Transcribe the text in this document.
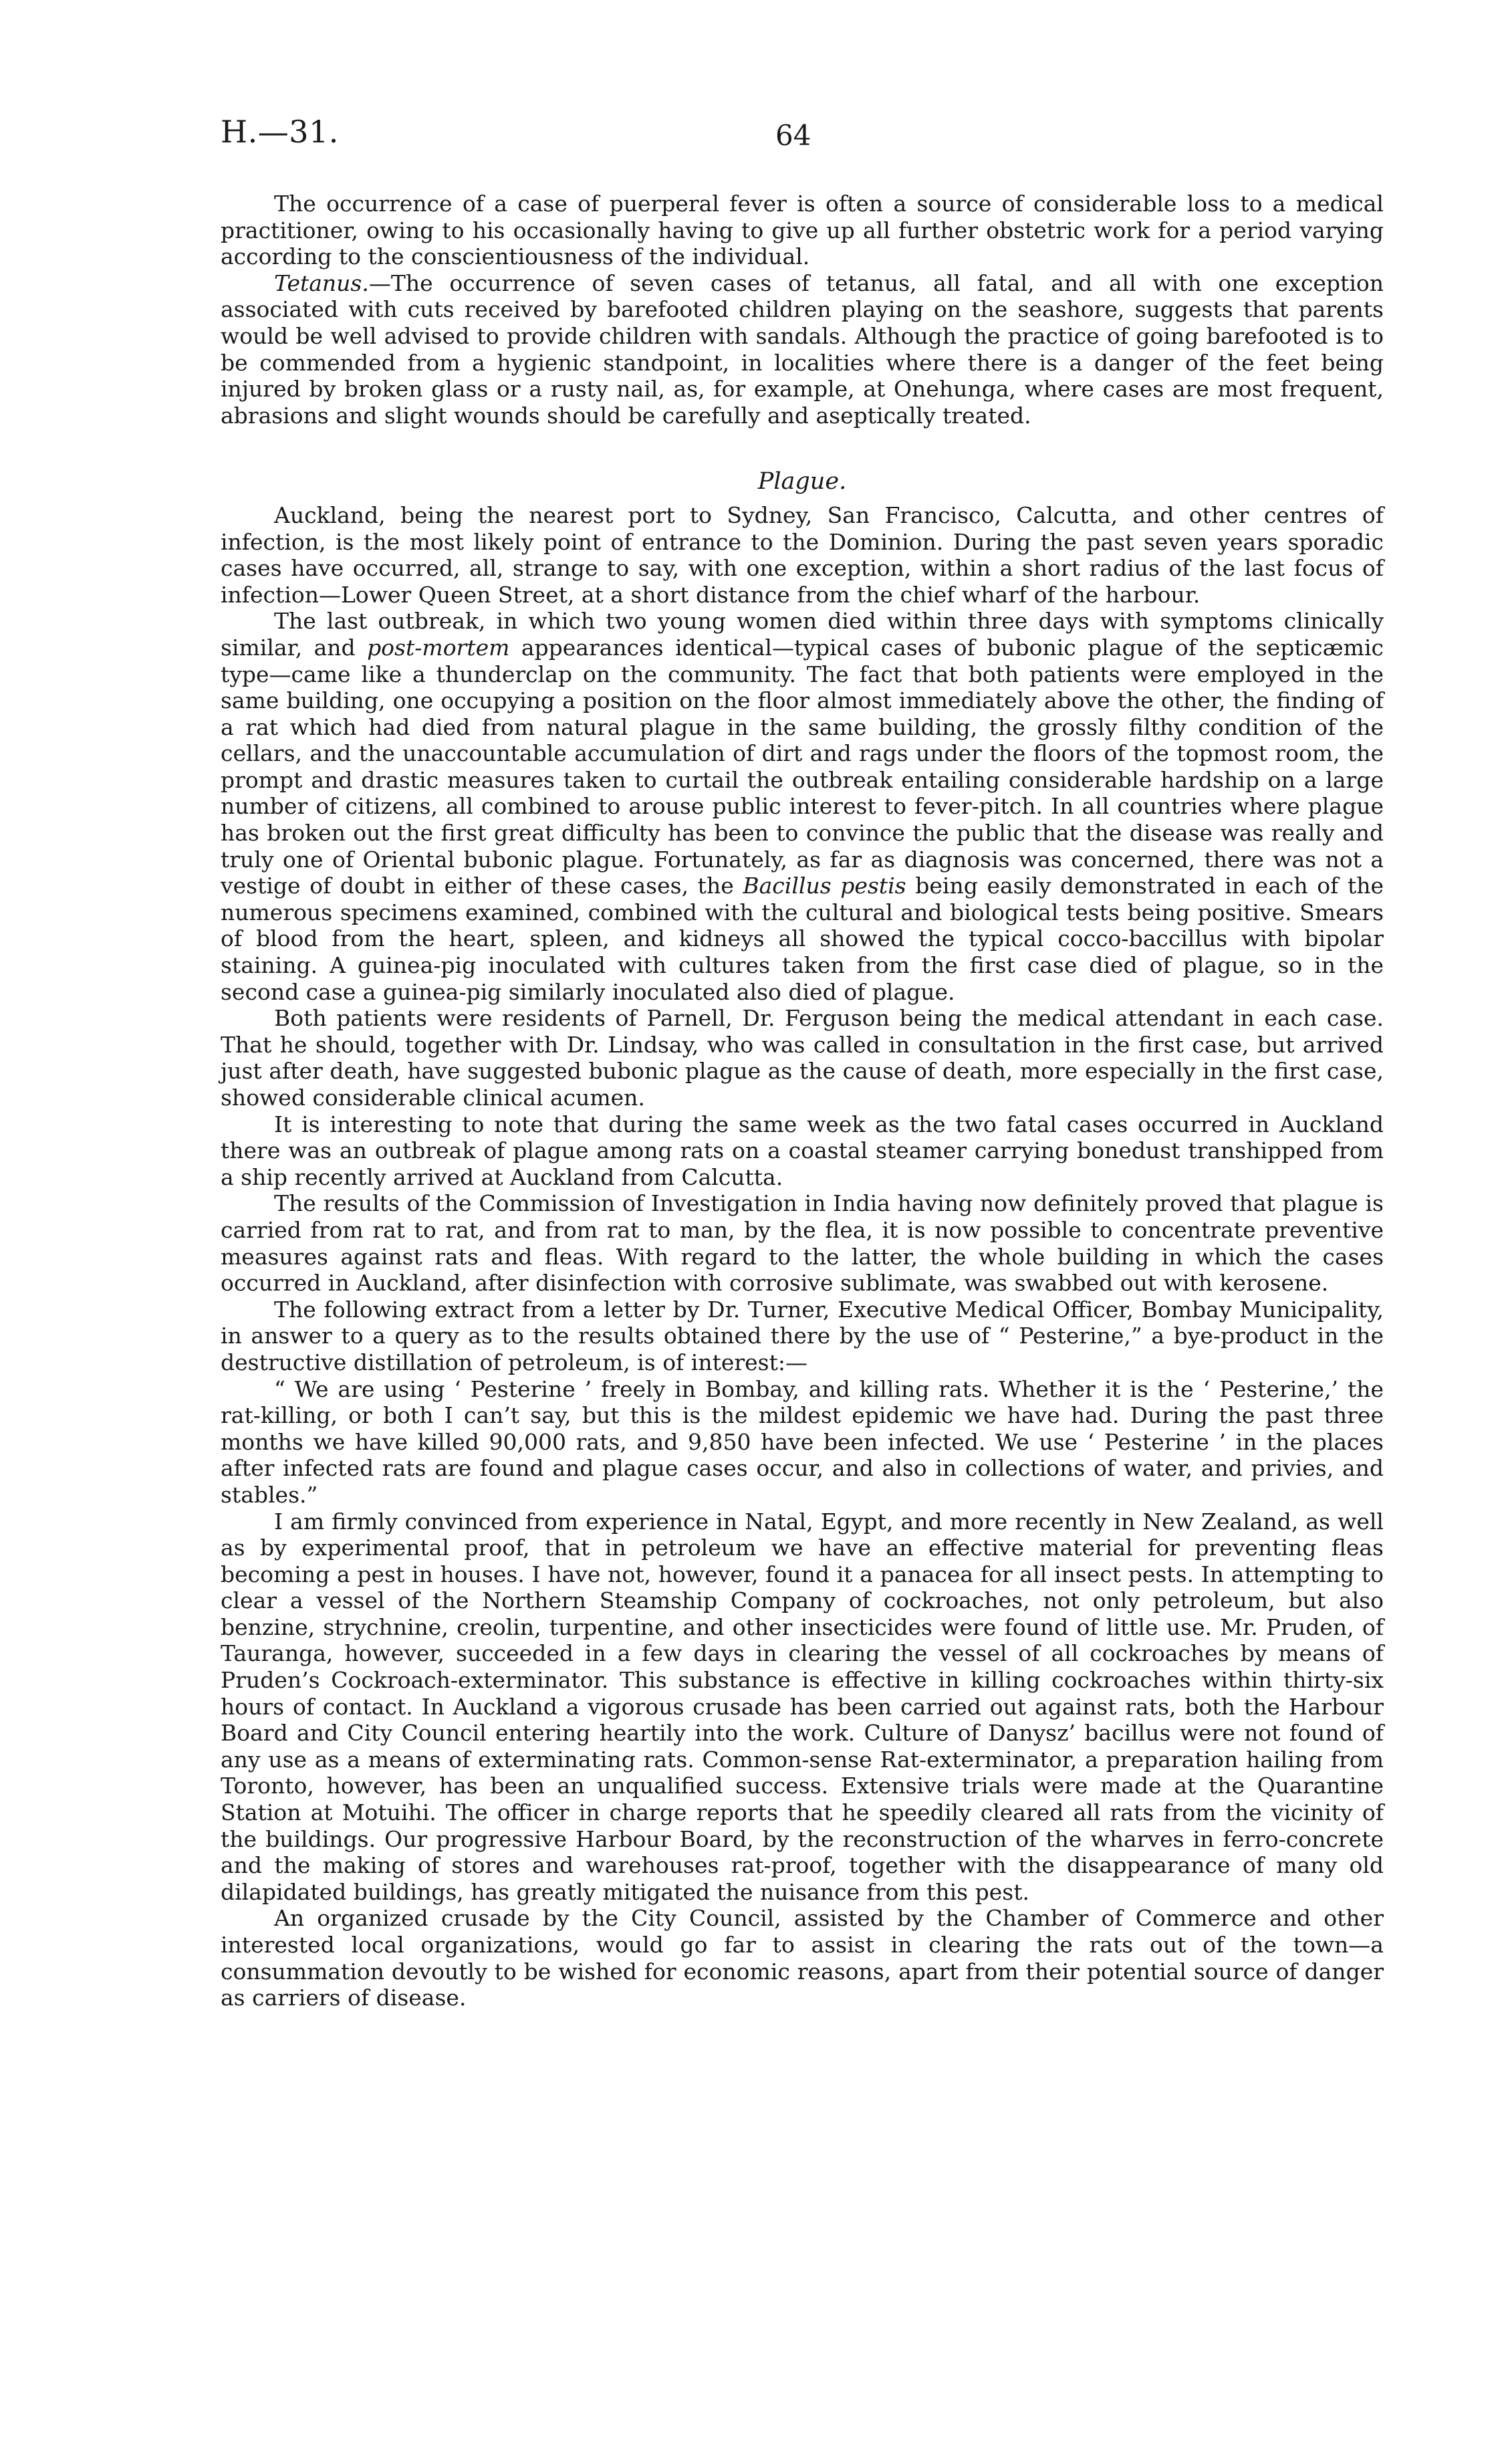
H.—31.	64

The occurrence of a case of puerperal fever is often a source of considerable loss to a medical practitioner, owing to his occasionally having to give up all further obstetric work for a period varying according to the conscientiousness of the individual.

Tetanus.—The occurrence of seven cases of tetanus, all fatal, and all with one exception associated with cuts received by barefooted children playing on the seashore, suggests that parents would be well advised to provide children with sandals. Although the practice of going barefooted is to be commended from a hygienic standpoint, in localities where there is a danger of the feet being injured by broken glass or a rusty nail, as, for example, at Onehunga, where cases are most frequent, abrasions and slight wounds should be carefully and aseptically treated.

Plague.

Auckland, being the nearest port to Sydney, San Francisco, Calcutta, and other centres of infection, is the most likely point of entrance to the Dominion. During the past seven years sporadic cases have occurred, all, strange to say, with one exception, within a short radius of the last focus of infection—Lower Queen Street, at a short distance from the chief wharf of the harbour.

The last outbreak, in which two young women died within three days with symptoms clinically similar, and post-mortem appearances identical—typical cases of bubonic plague of the septicæmic type—came like a thunderclap on the community. The fact that both patients were employed in the same building, one occupying a position on the floor almost immediately above the other, the finding of a rat which had died from natural plague in the same building, the grossly filthy condition of the cellars, and the unaccountable accumulation of dirt and rags under the floors of the topmost room, the prompt and drastic measures taken to curtail the outbreak entailing considerable hardship on a large number of citizens, all combined to arouse public interest to fever-pitch. In all countries where plague has broken out the first great difficulty has been to convince the public that the disease was really and truly one of Oriental bubonic plague. Fortunately, as far as diagnosis was concerned, there was not a vestige of doubt in either of these cases, the Bacillus pestis being easily demonstrated in each of the numerous specimens examined, combined with the cultural and biological tests being positive. Smears of blood from the heart, spleen, and kidneys all showed the typical cocco-baccillus with bipolar staining. A guinea-pig inoculated with cultures taken from the first case died of plague, so in the second case a guinea-pig similarly inoculated also died of plague.

Both patients were residents of Parnell, Dr. Ferguson being the medical attendant in each case. That he should, together with Dr. Lindsay, who was called in consultation in the first case, but arrived just after death, have suggested bubonic plague as the cause of death, more especially in the first case, showed considerable clinical acumen.

It is interesting to note that during the same week as the two fatal cases occurred in Auckland there was an outbreak of plague among rats on a coastal steamer carrying bonedust transhipped from a ship recently arrived at Auckland from Calcutta.

The results of the Commission of Investigation in India having now definitely proved that plague is carried from rat to rat, and from rat to man, by the flea, it is now possible to concentrate preventive measures against rats and fleas. With regard to the latter, the whole building in which the cases occurred in Auckland, after disinfection with corrosive sublimate, was swabbed out with kerosene.

The following extract from a letter by Dr. Turner, Executive Medical Officer, Bombay Municipality, in answer to a query as to the results obtained there by the use of “ Pesterine,” a bye-product in the destructive distillation of petroleum, is of interest:—

“ We are using ‘ Pesterine ’ freely in Bombay, and killing rats. Whether it is the ‘ Pesterine,’ the rat-killing, or both I can’t say, but this is the mildest epidemic we have had. During the past three months we have killed 90,000 rats, and 9,850 have been infected. We use ‘ Pesterine ’ in the places after infected rats are found and plague cases occur, and also in collections of water, and privies, and stables.”

I am firmly convinced from experience in Natal, Egypt, and more recently in New Zealand, as well as by experimental proof, that in petroleum we have an effective material for preventing fleas becoming a pest in houses. I have not, however, found it a panacea for all insect pests. In attempting to clear a vessel of the Northern Steamship Company of cockroaches, not only petroleum, but also benzine, strychnine, creolin, turpentine, and other insecticides were found of little use. Mr. Pruden, of Tauranga, however, succeeded in a few days in clearing the vessel of all cockroaches by means of Pruden’s Cockroach-exterminator. This substance is effective in killing cockroaches within thirty-six hours of contact. In Auckland a vigorous crusade has been carried out against rats, both the Harbour Board and City Council entering heartily into the work. Culture of Danysz’ bacillus were not found of any use as a means of exterminating rats. Common-sense Rat-exterminator, a preparation hailing from Toronto, however, has been an unqualified success. Extensive trials were made at the Quarantine Station at Motuihi. The officer in charge reports that he speedily cleared all rats from the vicinity of the buildings. Our progressive Harbour Board, by the reconstruction of the wharves in ferro-concrete and the making of stores and warehouses rat-proof, together with the disappearance of many old dilapidated buildings, has greatly mitigated the nuisance from this pest.

An organized crusade by the City Council, assisted by the Chamber of Commerce and other interested local organizations, would go far to assist in clearing the rats out of the town—a consummation devoutly to be wished for economic reasons, apart from their potential source of danger as carriers of disease.
